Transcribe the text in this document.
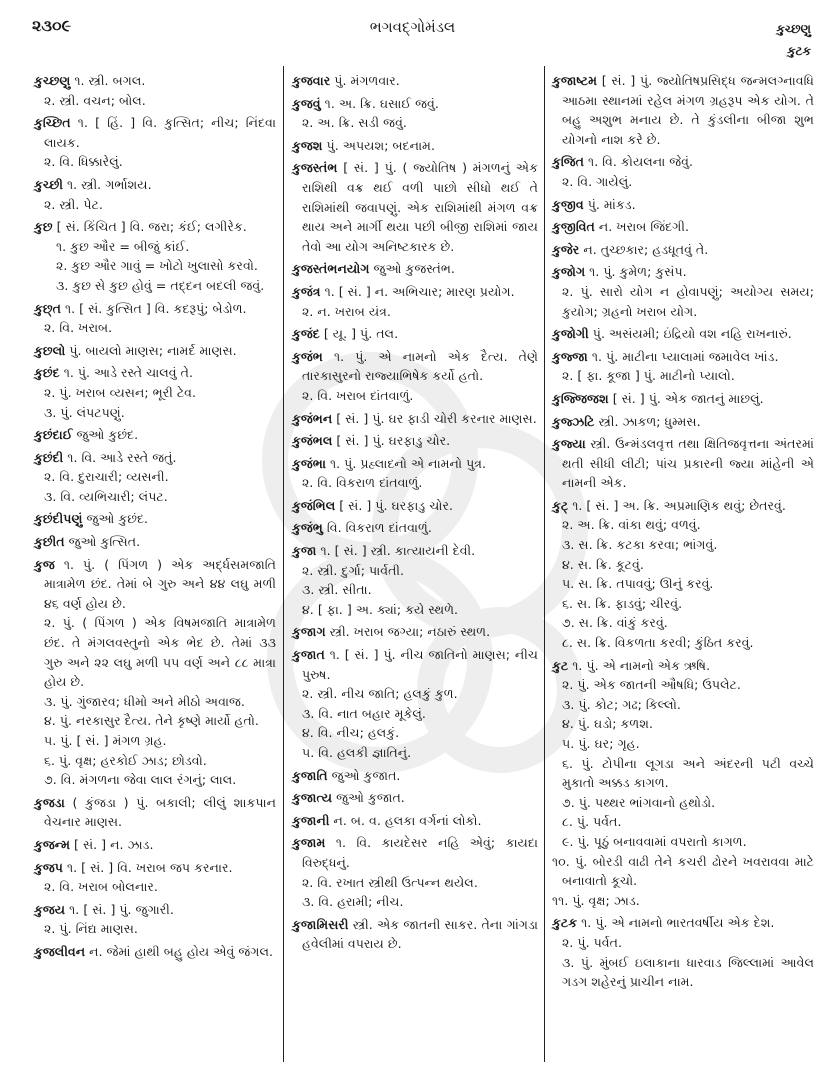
૨૩૦૯	ભગવદ્ગોમંડલ	કુચ્છણુ
કુટક
કુચ્છણુ ૧. સ્ત્રી. બગલ.
૨. સ્ત્રી. વચન; બોલ.
કુચ્છિત ૧. [ હિં. ] વિ. કુત્સિત; નીચ; નિંદવા લાયક.
૨. વિ. ધિક્કારેલું.
કુચ્છી ૧. સ્ત્રી. ગર્ભાશય.
૨. સ્ત્રી. પેટ.
કુછ [ સં. કિંચિત ] વિ. જરા; કંઈ; લગીરેક.
૧. કુછ ઔર = બીજું કાંઈ.
૨. કુછ ઔર ગાવું = ખોટો ખુલાસો કરવો.
૩. કુછ સે કુછ હોવું = તદ્દન બદલી જવું.
કુછ્ત ૧. [ સં. કુત્સિત ] વિ. કદરૂપું; બેડોળ.
૨. વિ. ખરાબ.
કુછલો પું. બાયલો માણસ; નામર્દ માણસ.
કુછંદ ૧. પું. આડે રસ્તે ચાલવું તે.
૨. પું. ખરાબ વ્યસન; ભૂરી ટેવ.
૩. પું. લંપટપણું.
કુછંદાઈ જુઓ કુછંદ.
કુછંદી ૧. વિ. આડે રસ્તે જતું.
૨. વિ. દુરાચારી; વ્યસની.
૩. વિ. વ્યભિચારી; લંપટ.
કુછંદીપણું જુઓ કુછંદ.
કુછીત જુઓ કુત્સિત.
કુજ ૧. પું. ( પિંગળ ) એક અર્દ્ધસમજાતિ માત્રામેળ છંદ. તેમાં બે ગુરુ અને ૪૪ લઘુ મળી ૪૬ વર્ણ હોય છે.
૨. પું. ( પિંગળ ) એક વિષમજાતિ માત્રામેળ છંદ. તે મંગલવસ્તુનો એક ભેદ છે. તેમાં ૩૩ ગુરુ અને ૨૨ લઘુ મળી ૫૫ વર્ણ અને ૮૮ માત્રા હોય છે.
૩. પું. ગુંજારવ; ધીમો અને મીઠો અવાજ.
૪. પું. નરકાસુર દૈત્ય. તેને કૃષ્ણે માર્યો હતો.
૫. પું. [ સં. ] મંગળ ગ્રહ.
૬. પું. વૃક્ષ; હરકોઈ ઝાડ; છોડવો.
૭. વિ. મંગળના જેવા લાલ રંગનું; લાલ.
કુજડા ( કુંજડા ) પું. બકાલી; લીલું શાકપાન વેચનાર માણસ.
કુજન્મ [ સં. ] ન. ઝાડ.
કુજપ ૧. [ સં. ] વિ. ખરાબ જપ કરનાર.
૨. વિ. ખરાબ બોલનાર.
કુજય ૧. [ સં. ] પું. જુગારી.
૨. પું. નિંદ્ય માણસ.
કુજલીવન ન. જેમાં હાથી બહુ હોય એવું જંગલ.
કુજવાર પું. મંગળવાર.
કુજવું ૧. અ. ક્રિ. ઘસાઈ જવું.
૨. અ. ક્રિ. સડી જવું.
કુજશ પું. અપયશ; બદનામ.
કુજસ્તંભ [ સં. ] પું. ( જ્યોતિષ ) મંગળનું એક રાશિથી વક્ર થઈ વળી પાછો સીધો થઈ તે રાશિમાંથી જવાપણું. એક રાશિમાંથી મંગળ વક્ર થાય અને માર્ગી થયા પછી બીજી રાશિમાં જાય તેવો આ યોગ અનિષ્ટકારક છે.
કુજસ્તંભનયોગ જુઓ કુજસ્તંભ.
કુજંત્ર ૧. [ સં. ] ન. અભિચાર; મારણ પ્રયોગ.
૨. ન. ખરાબ યંત્ર.
કુજંદ [ યૂ. ] પું. તલ.
કુજંભ ૧. પું. એ નામનો એક દૈત્ય. તેણે તારકાસુરનો રાજ્યાભિષેક કર્યો હતો.
૨. વિ. ખરાબ દાંતવાળું.
કુજંભન [ સં. ] પું. ઘર ફાડી ચોરી કરનાર માણસ.
કુજંભલ [ સં. ] પું. ઘરફાડુ ચોર.
કુજંભા ૧. પું. પ્રહ્લાદનો એ નામનો પુત્ર.
૨. વિ. વિકરાળ દાંતવાળું.
કુજંભિલ [ સં. ] પું. ઘરફાડુ ચોર.
કુજંભુ વિ. વિકરાળ દાંતવાળું.
કુજા ૧. [ સં. ] સ્ત્રી. કાત્યાયની દેવી.
૨. સ્ત્રી. દુર્ગા; પાર્વતી.
૩. સ્ત્રી. સીતા.
૪. [ ફા. ] અ. ક્યાં; કયે સ્થળે.
કુજાગ સ્ત્રી. ખરાબ જગ્યા; નઠારું સ્થળ.
કુજાત ૧. [ સં. ] પું. નીચ જાતિનો માણસ; નીચ પુરુષ.
૨. સ્ત્રી. નીચ જાતિ; હલકું કુળ.
૩. વિ. નાત બહાર મૂકેલું.
૪. વિ. નીચ; હલકું.
૫. વિ. હલકી જ્ઞાતિનું.
કુજાતિ જુઓ કુજાત.
કુજાત્ય જુઓ કુજાત.
કુજાની ન. બ. વ. હલકા વર્ગનાં લોકો.
કુજામ ૧. વિ. કાયદેસર નહિ એવું; કાયદા વિરુદ્ધનું.
૨. વિ. રખાત સ્ત્રીથી ઉત્પન્ન થયેલ.
૩. વિ. હરામી; નીચ.
કુજામિસરી સ્ત્રી. એક જાતની સાકર. તેના ગાંગડા હવેલીમાં વપરાય છે.
કુજાષ્ટમ [ સં. ] પું. જ્યોતિષપ્રસિદ્ધ જન્મલગ્નાવધિ આઠમા સ્થાનમાં રહેલ મંગળ ગ્રહરૂપ એક યોગ. તે બહુ અશુભ મનાય છે. તે કુંડલીના બીજા શુભ યોગનો નાશ કરે છે.
કુજિત ૧. વિ. કોયલના જેવું.
૨. વિ. ગાયેલું.
કુજીવ પું. માંકડ.
કુજીવિત ન. ખરાબ જિંદગી.
કુજેર ન. તુચ્છકાર; હડધૂતવું તે.
કુજોગ ૧. પું. કુમેળ; કુસંપ.
૨. પું. સારો યોગ ન હોવાપણું; અયોગ્ય સમય; કુયોગ; ગ્રહનો ખરાબ યોગ.
કુજોગી પું. અસંયમી; ઇંદ્રિયો વશ નહિ રાખનારું.
કુજ્જા ૧. પું. માટીના પ્યાલામાં જમાવેલ ખાંડ.
૨. [ ફા. કૂજા ] પું. માટીનો પ્યાલો.
કુજ્જિજશ [ સં. ] પું. એક જાતનું માછલું.
કુજ્ઝટિ સ્ત્રી. ઝાકળ; ધુમ્મસ.
કુજ્યા સ્ત્રી. ઉન્મંડલવૃત્ત તથા ક્ષિતિજવૃત્તના અંતરમાં થતી સીધી લીટી; પાંચ પ્રકારની જ્યા માંહેની એ નામની એક.
કુટ્ ૧. [ સં. ] અ. ક્રિ. અપ્રમાણિક થવું; છેતરવું.
૨. અ. ક્રિ. વાંકા થવું; વળવું.
૩. સ. ક્રિ. કટકા કરવા; ભાંગવું.
૪. સ. ક્રિ. કૂટવું.
૫. સ. ક્રિ. તપાવવું; ઊનું કરવું.
૬. સ. ક્રિ. ફાડવું; ચીરવું.
૭. સ. ક્રિ. વાંકું કરવું.
૮. સ. ક્રિ. વિકળતા કરવી; કુંઠિત કરવું.
કુટ ૧. પું. એ નામનો એક ઋષિ.
૨. પું. એક જાતની ઔષધિ; ઉપલેટ.
૩. પું. કોટ; ગઢ; કિલ્લો.
૪. પું. ઘડો; કળશ.
૫. પું. ઘર; ગૃહ.
૬. પું. ટોપીના લૂગડા અને અંદરની પટી વચ્ચે મુકાતો અક્કડ કાગળ.
૭. પું. પથ્થર ભાંગવાનો હથોડો.
૮. પું. પર્વત.
૯. પું. પૂઠું બનાવવામાં વપરાતો કાગળ.
૧૦. પું. બોરડી વાઢી તેને કચરી ઢોરને ખવરાવવા માટે બનાવાતો કૂચો.
૧૧. પું. વૃક્ષ; ઝાડ.
કુટક ૧. પું. એ નામનો ભારતવર્ષીય એક દેશ.
૨. પું. પર્વત.
૩. પું. મુંબઈ ઇલાકાના ધારવાડ જિલ્લામાં આવેલ ગડગ શહેરનું પ્રાચીન નામ.
